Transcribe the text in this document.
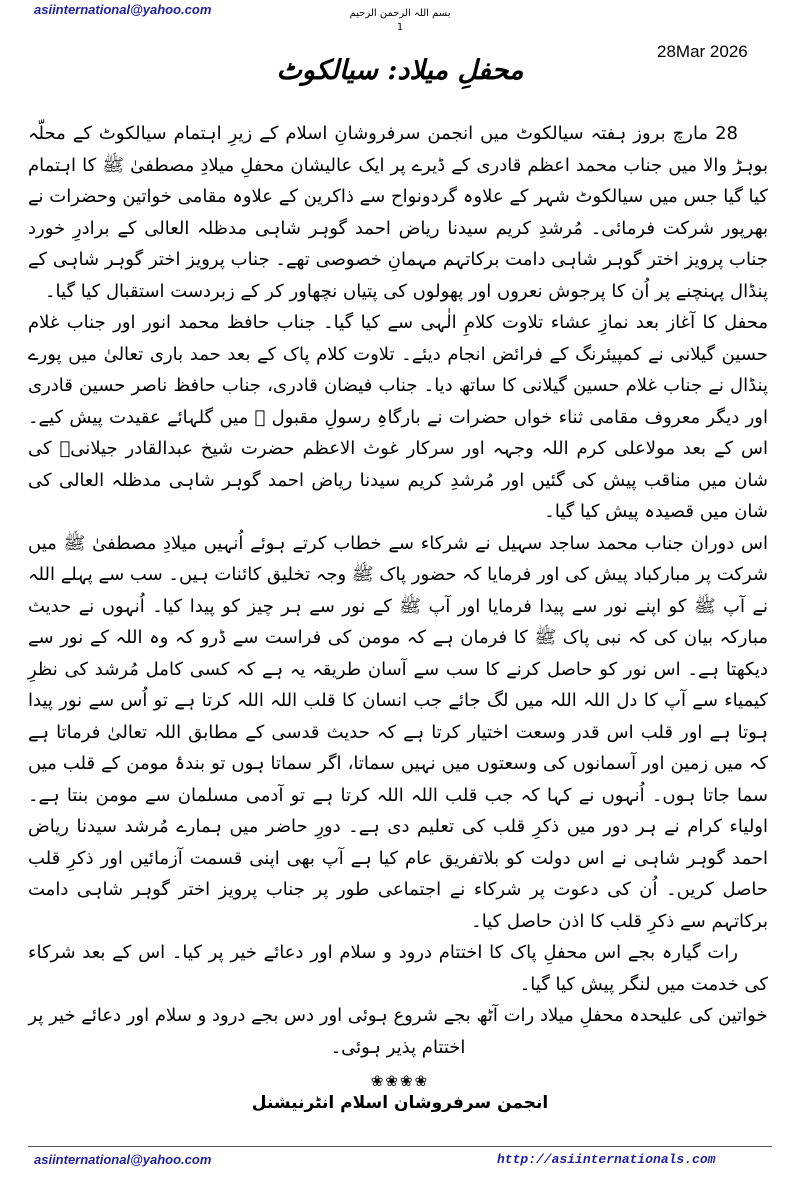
asiinternational@yahoo.com	بسم اللہ الرحمن الرحیم
1
28Mar 2026
محفلِ میلاد: سیالکوٹ

28 مارچ بروز ہفتہ سیالکوٹ میں انجمن سرفروشانِ اسلام کے زیرِ اہتمام سیالکوٹ کے محلّہ بوہڑ والا میں جناب محمد اعظم قادری کے ڈیرے پر ایک عالیشان محفلِ میلادِ مصطفیٰ ﷺ کا اہتمام کیا گیا جس میں سیالکوٹ شہر کے علاوہ گردونواح سے ذاکرین کے علاوہ مقامی خواتین وحضرات نے بھرپور شرکت فرمائی۔ مُرشدِ کریم سیدنا ریاض احمد گوہر شاہی مدظلہ العالی کے برادرِ خورد جناب پرویز اختر گوہر شاہی دامت برکاتہم مہمانِ خصوصی تھے۔ جناب پرویز اختر گوہر شاہی کے پنڈال پہنچنے پر اُن کا پرجوش نعروں اور پھولوں کی پتیاں نچھاور کر کے زبردست استقبال کیا گیا۔

محفل کا آغاز بعد نمازِ عشاء تلاوت کلامِ الٰہی سے کیا گیا۔ جناب حافظ محمد انور اور جناب غلام حسین گیلانی نے کمپیئرنگ کے فرائض انجام دیئے۔ تلاوت کلام پاک کے بعد حمد باری تعالیٰ میں پورے پنڈال نے جناب غلام حسین گیلانی کا ساتھ دیا۔ جناب فیضان قادری، جناب حافظ ناصر حسین قادری اور دیگر معروف مقامی ثناء خواں حضرات نے بارگاہِ رسولِ مقبول ﷺ میں گلہائے عقیدت پیش کیے۔ اس کے بعد مولاعلی کرم اللہ وجہہ اور سرکار غوث الاعظم حضرت شیخ عبدالقادر جیلانیؒ کی شان میں مناقب پیش کی گئیں اور مُرشدِ کریم سیدنا ریاض احمد گوہر شاہی مدظلہ العالی کی شان میں قصیدہ پیش کیا گیا۔

اس دوران جناب محمد ساجد سہیل نے شرکاء سے خطاب کرتے ہوئے اُنہیں میلادِ مصطفیٰ ﷺ میں شرکت پر مبارکباد پیش کی اور فرمایا کہ حضور پاک ﷺ وجہ تخلیق کائنات ہیں۔ سب سے پہلے اللہ نے آپ ﷺ کو اپنے نور سے پیدا فرمایا اور آپ ﷺ کے نور سے ہر چیز کو پیدا کیا۔ اُنہوں نے حدیث مبارکہ بیان کی کہ نبی پاک ﷺ کا فرمان ہے کہ مومن کی فراست سے ڈرو کہ وہ اللہ کے نور سے دیکھتا ہے۔ اس نور کو حاصل کرنے کا سب سے آسان طریقہ یہ ہے کہ کسی کامل مُرشد کی نظرِ کیمیاء سے آپ کا دل اللہ اللہ میں لگ جائے جب انسان کا قلب اللہ اللہ کرتا ہے تو اُس سے نور پیدا ہوتا ہے اور قلب اس قدر وسعت اختیار کرتا ہے کہ حدیث قدسی کے مطابق اللہ تعالیٰ فرماتا ہے کہ میں زمین اور آسمانوں کی وسعتوں میں نہیں سماتا، اگر سماتا ہوں تو بندۂ مومن کے قلب میں سما جاتا ہوں۔ اُنہوں نے کہا کہ جب قلب اللہ اللہ کرتا ہے تو آدمی مسلمان سے مومن بنتا ہے۔ اولیاء کرام نے ہر دور میں ذکرِ قلب کی تعلیم دی ہے۔ دورِ حاضر میں ہمارے مُرشد سیدنا ریاض احمد گوہر شاہی نے اس دولت کو بلاتفریق عام کیا ہے آپ بھی اپنی قسمت آزمائیں اور ذکرِ قلب حاصل کریں۔ اُن کی دعوت پر شرکاء نے اجتماعی طور پر جناب پرویز اختر گوہر شاہی دامت برکاتہم سے ذکرِ قلب کا اذن حاصل کیا۔

رات گیارہ بجے اس محفلِ پاک کا اختتام درود و سلام اور دعائے خیر پر کیا۔ اس کے بعد شرکاء کی خدمت میں لنگر پیش کیا گیا۔

خواتین کی علیحدہ محفلِ میلاد رات آٹھ بجے شروع ہوئی اور دس بجے درود و سلام اور دعائے خیر پر اختتام پذیر ہوئی۔

❀❀❀❀
انجمن سرفروشان اسلام انٹرنیشنل
asiinternational@yahoo.com	http://asiinternationals.com
